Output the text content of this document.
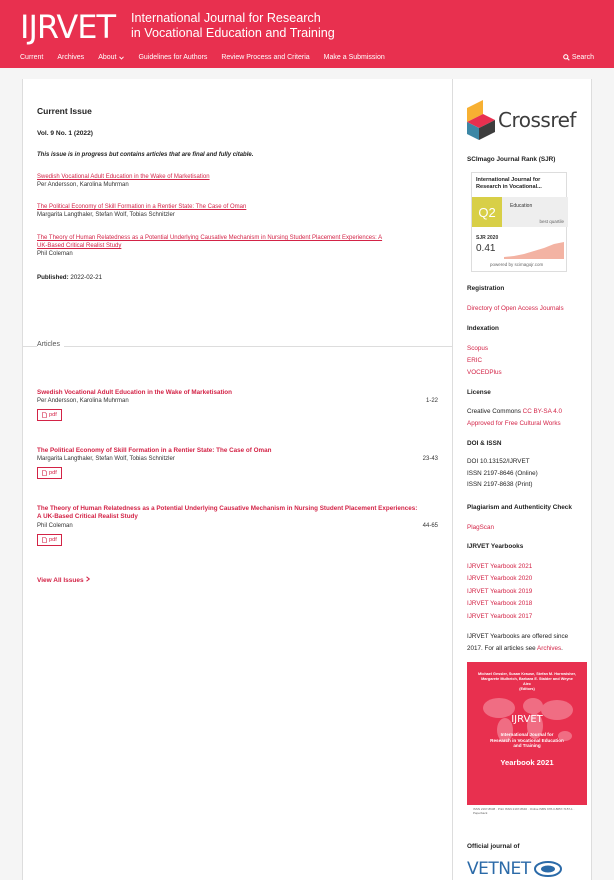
IJRVET International Journal for Research
in Vocational Education and Training
Current Archives About	Guidelines for Authors Review Process and Criteria Make a Submission	Search
Current Issue
Vol. 9 No. 1 (2022)
This issue is in progress but contains articles that are final and fully citable.
Swedish Vocational Adult Education in the Wake of Marketisation
Per Andersson, Karolina Muhrman
The Political Economy of Skill Formation in a Rentier State: The Case of Oman
Margarita Langthaler, Stefan Wolf, Tobias Schnitzler
The Theory of Human Relatedness as a Potential Underlying Causative Mechanism in Nursing Student Placement Experiences: A
UK-Based Critical Realist Study
Phil Coleman
Published: 2022-02-21
Articles
Swedish Vocational Adult Education in the Wake of Marketisation
Per Andersson, Karolina Muhrman	1-22
pdf
The Political Economy of Skill Formation in a Rentier State: The Case of Oman
Margarita Langthaler, Stefan Wolf, Tobias Schnitzler	23-43
pdf
The Theory of Human Relatedness as a Potential Underlying Causative Mechanism in Nursing Student Placement Experiences:
A UK-Based Critical Realist Study
Phil Coleman	44-65
pdf
View All Issues
Crossref
SCImago Journal Rank (SJR)
International Journal for
Research in Vocational...
Q2	Education
best quartile
SJR 2020
0.41
powered by scimagojr.com
Registration
Directory of Open Access Journals
Indexation
Scopus
ERIC
VOCEDPlus
License
Creative Commons CC BY-SA 4.0
Approved for Free Cultural Works
DOI & ISSN
DOI 10.13152/IJRVET
ISSN 2197-8646 (Online)
ISSN 2197-8638 (Print)
Plagiarism and Authenticity Check
PlagScan
IJRVET Yearbooks
IJRVET Yearbook 2021
IJRVET Yearbook 2020
IJRVET Yearbook 2019
IJRVET Yearbook 2018
IJRVET Yearbook 2017
IJRVET Yearbooks are offered since
2017. For all articles see Archives.
Michael Gessler, Susan Krause, Stefan M. Hornwisher, Margarete Mulheich, Barbara E. Stalder and Weyne Aiec
(Editors)
IJRVET
International Journal for
Research in Vocational Education
and Training
Yearbook 2021
ISSN 2197-8638 · Print ISSN 2197-8646 · Online ISBN 978-3-8657-7157-1 · Paperback
Official journal of
VETNET
